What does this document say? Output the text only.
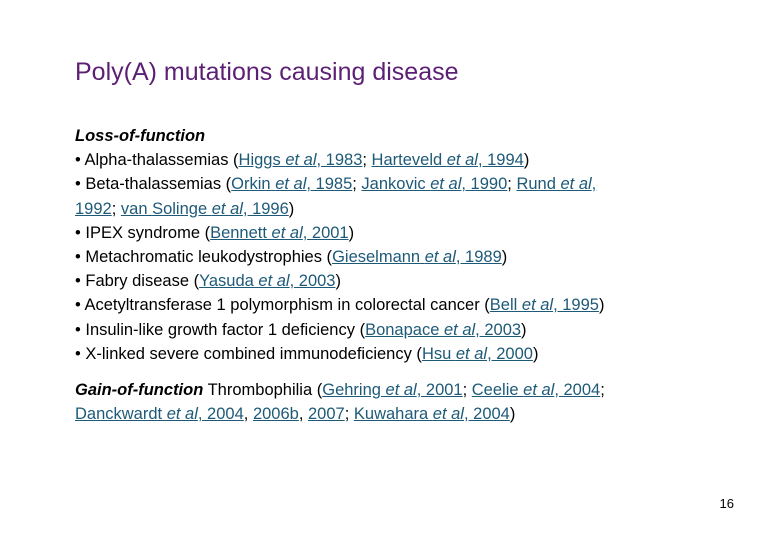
Poly(A) mutations causing disease
Loss-of-function
• Alpha-thalassemias (Higgs et al, 1983; Harteveld et al, 1994)
• Beta-thalassemias (Orkin et al, 1985; Jankovic et al, 1990; Rund et al,
1992; van Solinge et al, 1996)
• IPEX syndrome (Bennett et al, 2001)
• Metachromatic leukodystrophies (Gieselmann et al, 1989)
• Fabry disease (Yasuda et al, 2003)
• Acetyltransferase 1 polymorphism in colorectal cancer (Bell et al, 1995)
• Insulin-like growth factor 1 deficiency (Bonapace et al, 2003)
• X-linked severe combined immunodeficiency (Hsu et al, 2000)
Gain-of-function Thrombophilia (Gehring et al, 2001; Ceelie et al, 2004;
Danckwardt et al, 2004, 2006b, 2007; Kuwahara et al, 2004)
16
